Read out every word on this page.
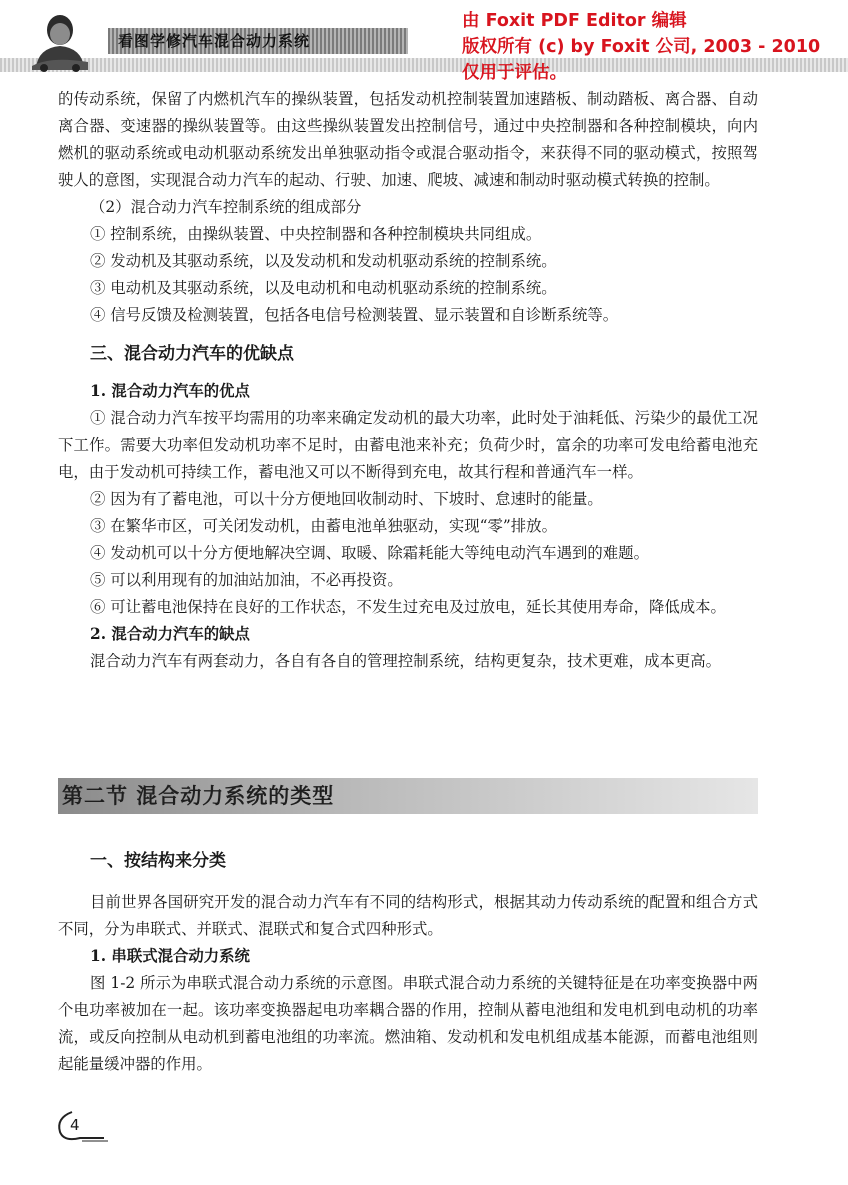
看图学修汽车混合动力系统
由 Foxit PDF Editor 编辑
版权所有 (c) by Foxit 公司, 2003 - 2010
仅用于评估。

的传动系统，保留了内燃机汽车的操纵装置，包括发动机控制装置加速踏板、制动踏板、离合器、自动离合器、变速器的操纵装置等。由这些操纵装置发出控制信号，通过中央控制器和各种控制模块，向内燃机的驱动系统或电动机驱动系统发出单独驱动指令或混合驱动指令，来获得不同的驱动模式，按照驾驶人的意图，实现混合动力汽车的起动、行驶、加速、爬坡、减速和制动时驱动模式转换的控制。

（2）混合动力汽车控制系统的组成部分

① 控制系统，由操纵装置、中央控制器和各种控制模块共同组成。

② 发动机及其驱动系统，以及发动机和发动机驱动系统的控制系统。

③ 电动机及其驱动系统，以及电动机和电动机驱动系统的控制系统。

④ 信号反馈及检测装置，包括各电信号检测装置、显示装置和自诊断系统等。

三、混合动力汽车的优缺点

1. 混合动力汽车的优点

① 混合动力汽车按平均需用的功率来确定发动机的最大功率，此时处于油耗低、污染少的最优工况下工作。需要大功率但发动机功率不足时，由蓄电池来补充；负荷少时，富余的功率可发电给蓄电池充电，由于发动机可持续工作，蓄电池又可以不断得到充电，故其行程和普通汽车一样。

② 因为有了蓄电池，可以十分方便地回收制动时、下坡时、怠速时的能量。

③ 在繁华市区，可关闭发动机，由蓄电池单独驱动，实现“零”排放。

④ 发动机可以十分方便地解决空调、取暖、除霜耗能大等纯电动汽车遇到的难题。

⑤ 可以利用现有的加油站加油，不必再投资。

⑥ 可让蓄电池保持在良好的工作状态，不发生过充电及过放电，延长其使用寿命，降低成本。

2. 混合动力汽车的缺点

混合动力汽车有两套动力，各自有各自的管理控制系统，结构更复杂，技术更难，成本更高。

第二节 混合动力系统的类型

一、按结构来分类

目前世界各国研究开发的混合动力汽车有不同的结构形式，根据其动力传动系统的配置和组合方式不同，分为串联式、并联式、混联式和复合式四种形式。

1. 串联式混合动力系统

图 1-2 所示为串联式混合动力系统的示意图。串联式混合动力系统的关键特征是在功率变换器中两个电功率被加在一起。该功率变换器起电功率耦合器的作用，控制从蓄电池组和发电机到电动机的功率流，或反向控制从电动机到蓄电池组的功率流。燃油箱、发动机和发电机组成基本能源，而蓄电池组则起能量缓冲器的作用。

4
